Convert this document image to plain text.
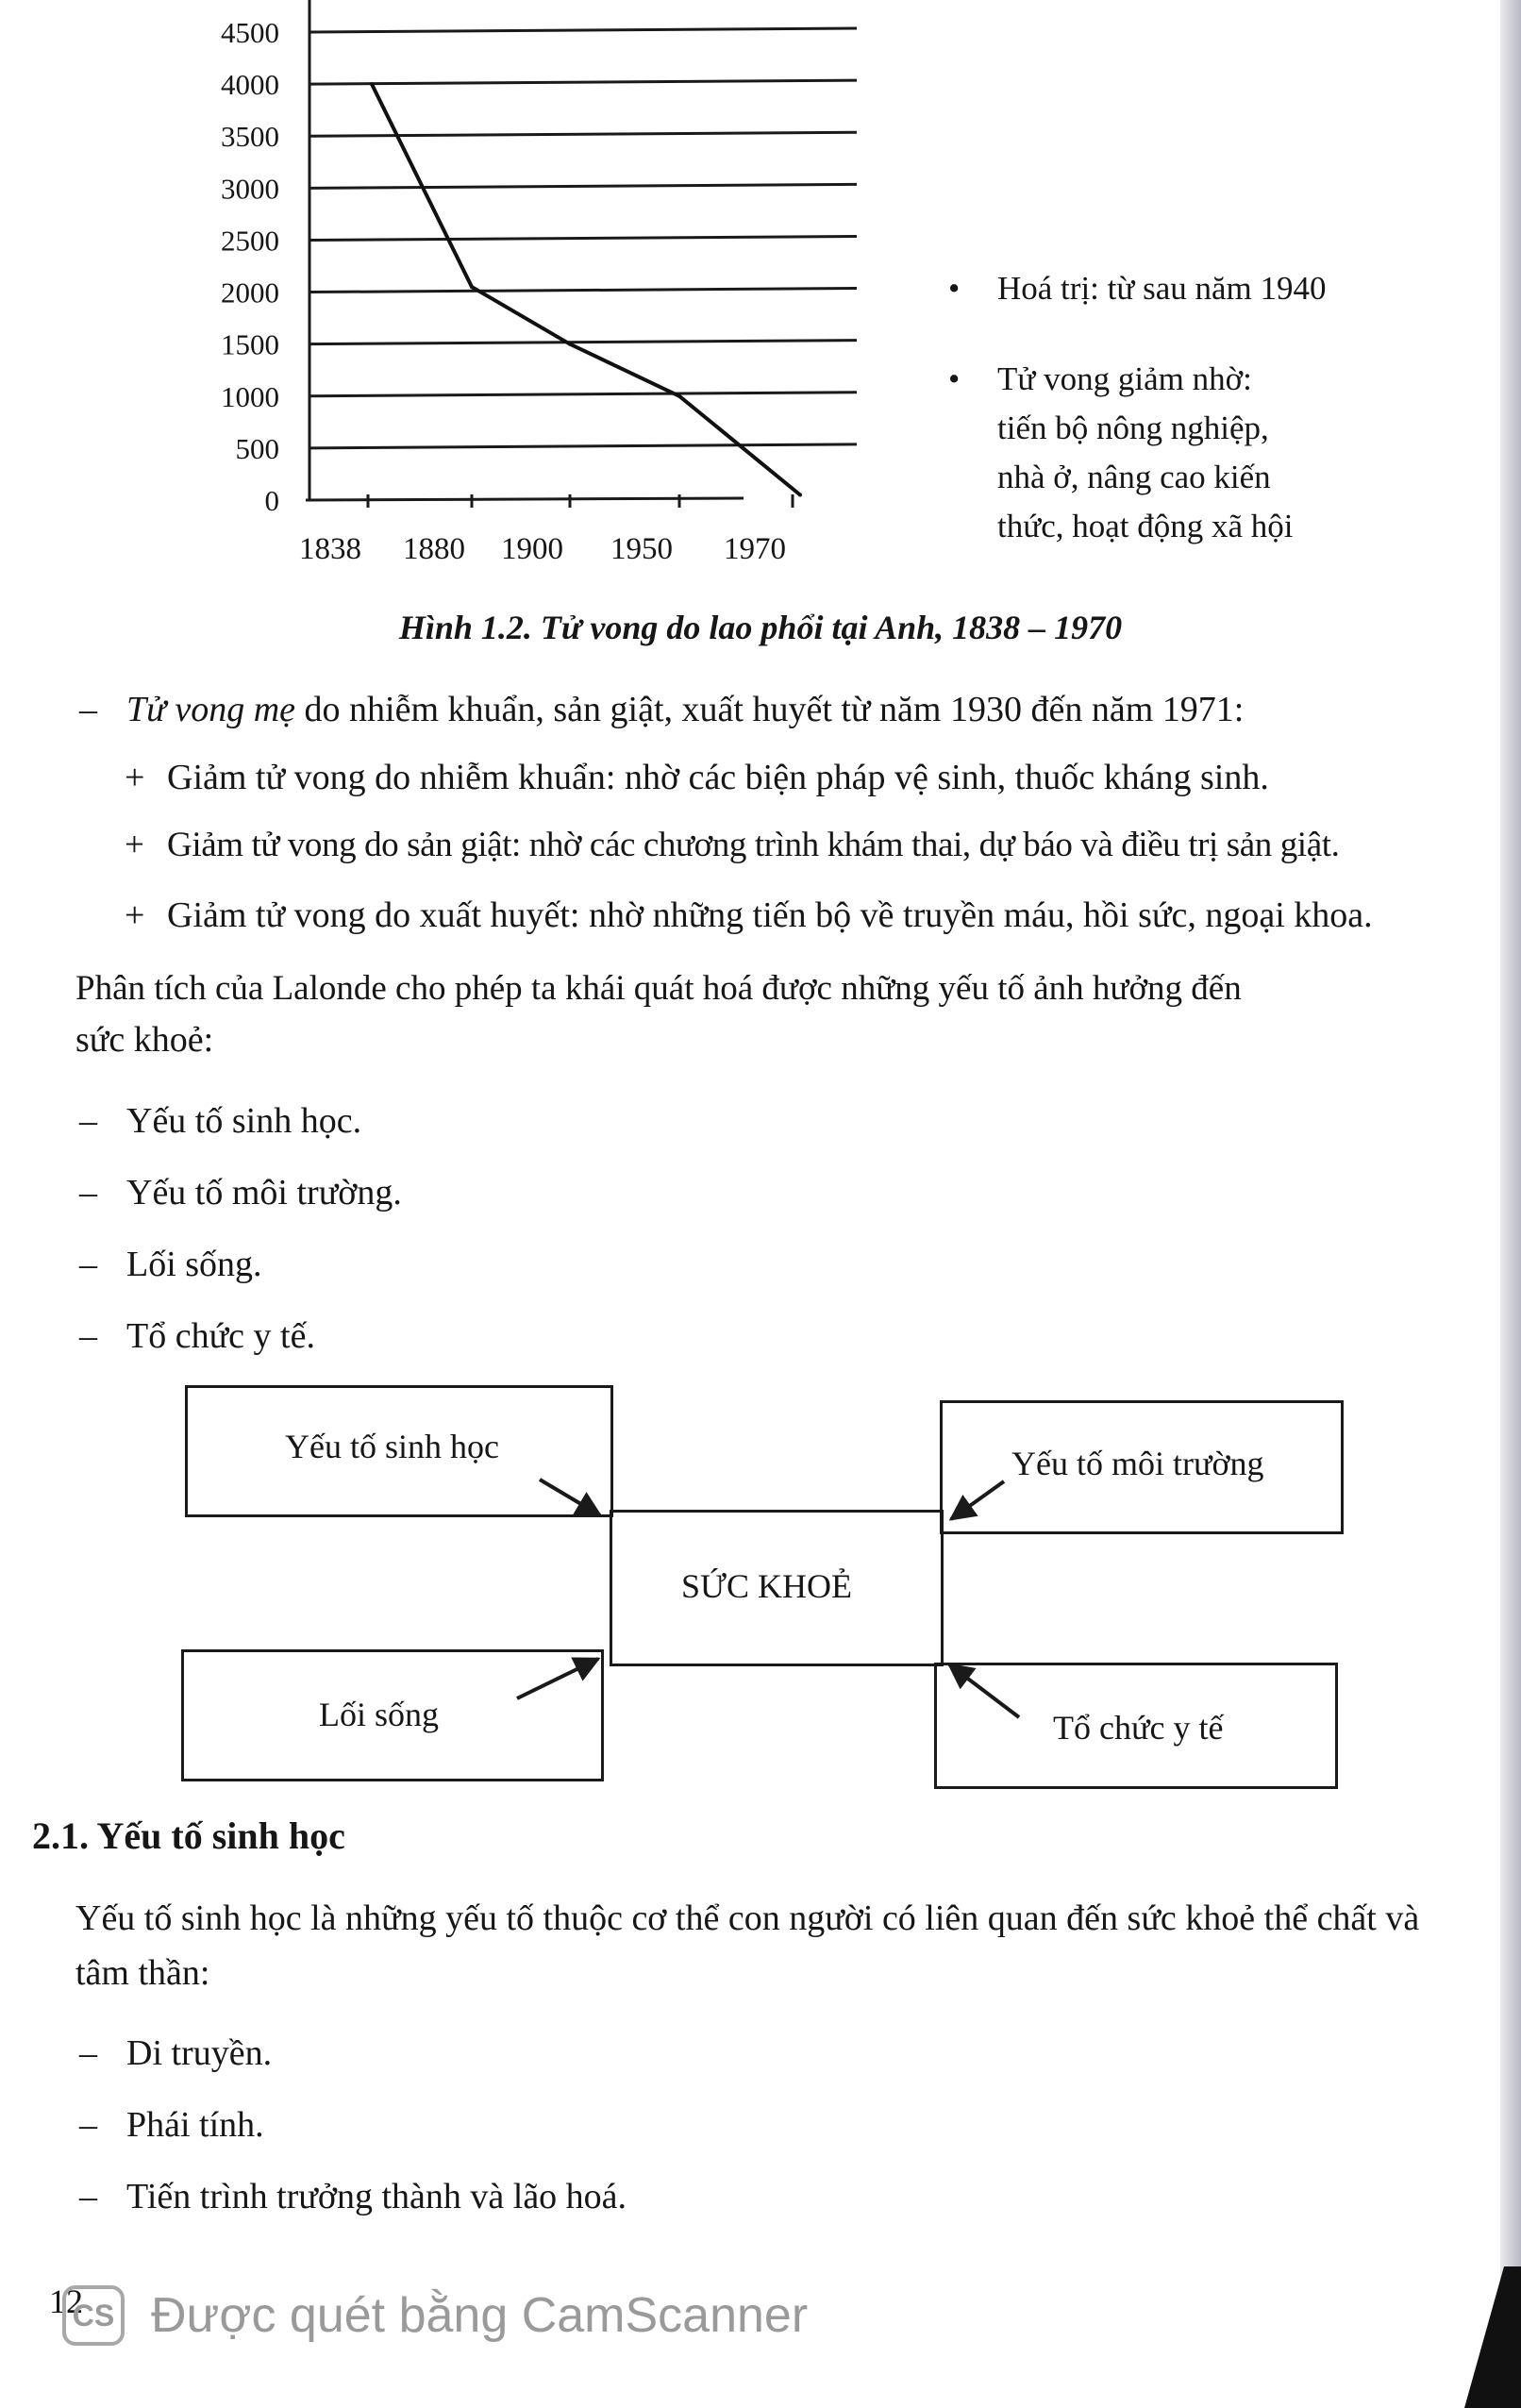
4500
4000
3500
3000
2500
2000
1500
1000
500
0
1838 1880 1900 1950 1970
•	Hoá trị: từ sau năm 1940
•	Tử vong giảm nhờ:
tiến bộ nông nghiệp,
nhà ở, nâng cao kiến
thức, hoạt động xã hội
Hình 1.2. Tử vong do lao phổi tại Anh, 1838 – 1970
– Tử vong mẹ do nhiễm khuẩn, sản giật, xuất huyết từ năm 1930 đến năm 1971:
+ Giảm tử vong do nhiễm khuẩn: nhờ các biện pháp vệ sinh, thuốc kháng sinh.
+ Giảm tử vong do sản giật: nhờ các chương trình khám thai, dự báo và điều trị sản giật.
+ Giảm tử vong do xuất huyết: nhờ những tiến bộ về truyền máu, hồi sức, ngoại khoa.
Phân tích của Lalonde cho phép ta khái quát hoá được những yếu tố ảnh hưởng đến
sức khoẻ:
– Yếu tố sinh học.
– Yếu tố môi trường.
– Lối sống.
– Tổ chức y tế.
Yếu tố sinh học	Yếu tố môi trường
SỨC KHOẺ
Lối sống	Tổ chức y tế
2.1. Yếu tố sinh học
Yếu tố sinh học là những yếu tố thuộc cơ thể con người có liên quan đến sức khoẻ thể chất và tâm thần:
– Di truyền.
– Phái tính.
– Tiến trình trưởng thành và lão hoá.
12
CS Được quét bằng CamScanner
